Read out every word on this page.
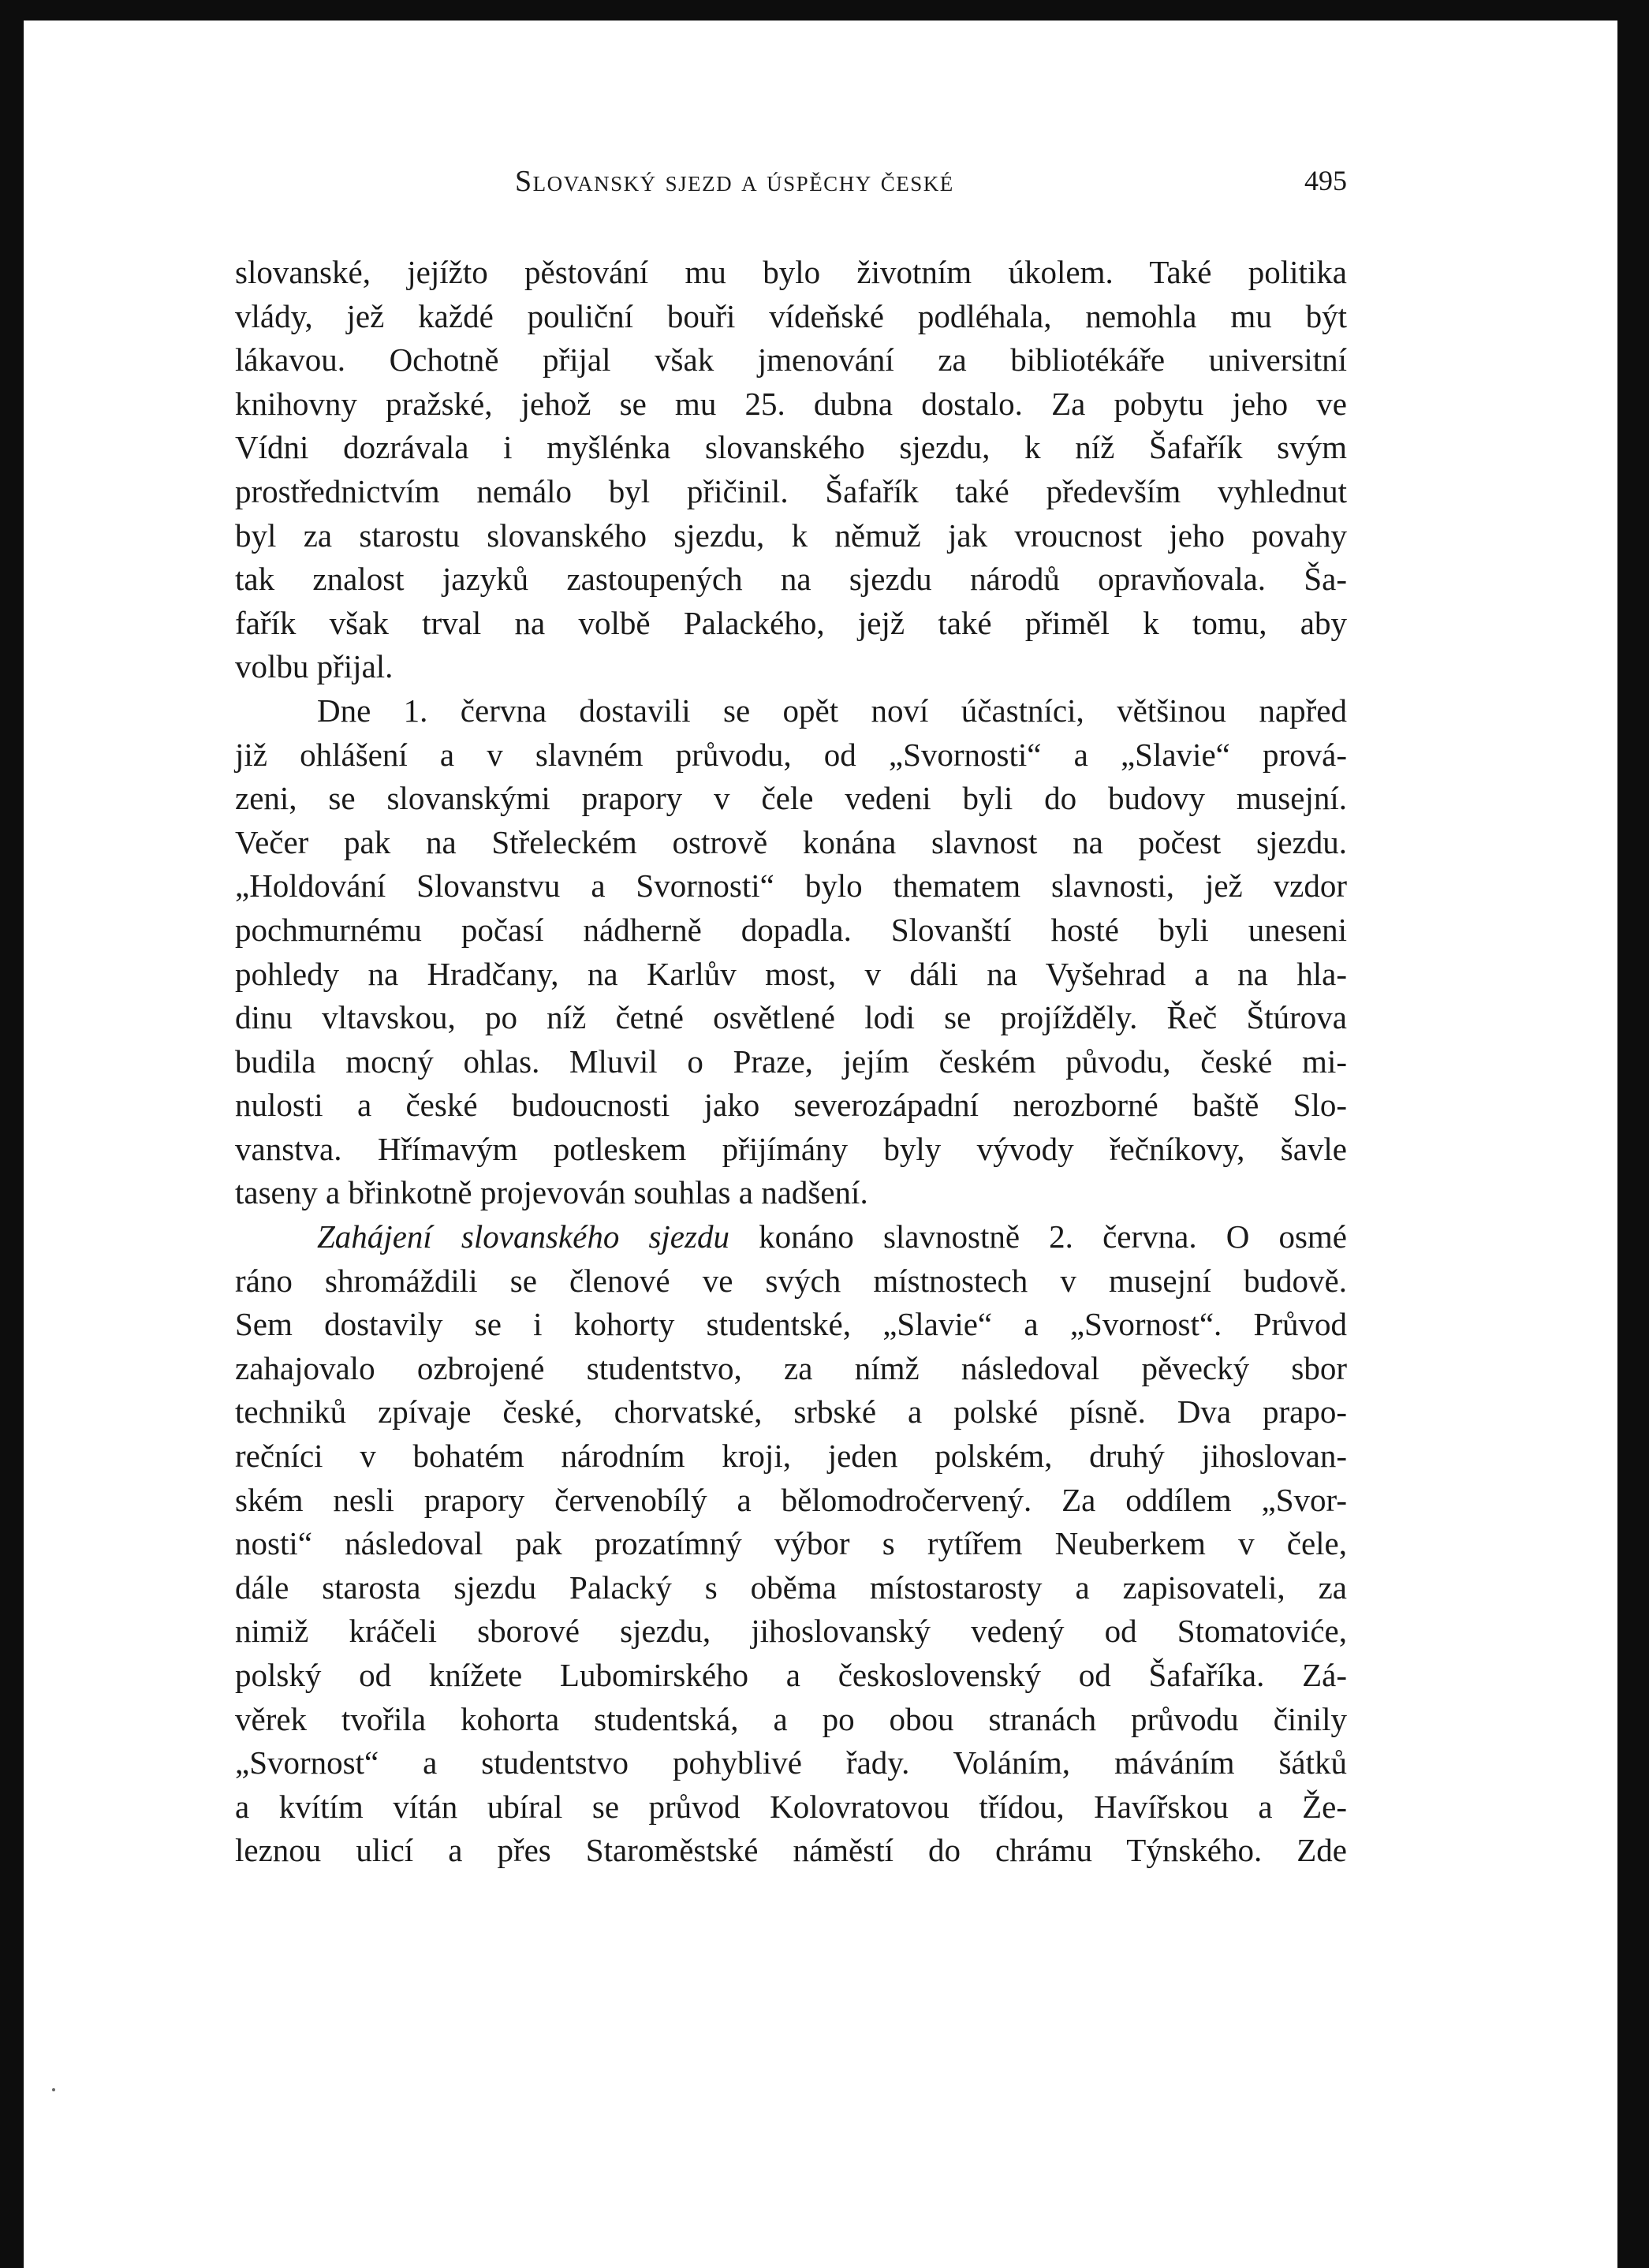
Slovanský sjezd a úspěchy české	495
slovanské, jejížto pěstování mu bylo životním úkolem. Také politika
vlády, jež každé pouliční bouři vídeňské podléhala, nemohla mu být
lákavou. Ochotně přijal však jmenování za bibliotékáře universitní
knihovny pražské, jehož se mu 25. dubna dostalo. Za pobytu jeho ve
Vídni dozrávala i myšlénka slovanského sjezdu, k níž Šafařík svým
prostřednictvím nemálo byl přičinil. Šafařík také především vyhlednut
byl za starostu slovanského sjezdu, k němuž jak vroucnost jeho povahy
tak znalost jazyků zastoupených na sjezdu národů opravňovala. Ša-
fařík však trval na volbě Palackého, jejž také přiměl k tomu, aby
volbu přijal.
Dne 1. června dostavili se opět noví účastníci, většinou napřed
již ohlášení a v slavném průvodu, od „Svornosti“ a „Slavie“ prová-
zeni, se slovanskými prapory v čele vedeni byli do budovy musejní.
Večer pak na Střeleckém ostrově konána slavnost na počest sjezdu.
„Holdování Slovanstvu a Svornosti“ bylo thematem slavnosti, jež vzdor
pochmurnému počasí nádherně dopadla. Slovanští hosté byli uneseni
pohledy na Hradčany, na Karlův most, v dáli na Vyšehrad a na hla-
dinu vltavskou, po níž četné osvětlené lodi se projížděly. Řeč Štúrova
budila mocný ohlas. Mluvil o Praze, jejím českém původu, české mi-
nulosti a české budoucnosti jako severozápadní nerozborné baště Slo-
vanstva. Hřímavým potleskem přijímány byly vývody řečníkovy, šavle
taseny a břinkotně projevován souhlas a nadšení.
Zahájení slovanského sjezdu konáno slavnostně 2. června. O osmé
ráno shromáždili se členové ve svých místnostech v musejní budově.
Sem dostavily se i kohorty studentské, „Slavie“ a „Svornost“. Průvod
zahajovalo ozbrojené studentstvo, za nímž následoval pěvecký sbor
techniků zpívaje české, chorvatské, srbské a polské písně. Dva prapo-
rečníci v bohatém národním kroji, jeden polském, druhý jihoslovan-
ském nesli prapory červenobílý a bělomodročervený. Za oddílem „Svor-
nosti“ následoval pak prozatímný výbor s rytířem Neuberkem v čele,
dále starosta sjezdu Palacký s oběma místostarosty a zapisovateli, za
nimiž kráčeli sborové sjezdu, jihoslovanský vedený od Stomatoviće,
polský od knížete Lubomirského a československý od Šafaříka. Zá-
věrek tvořila kohorta studentská, a po obou stranách průvodu činily
„Svornost“ a studentstvo pohyblivé řady. Voláním, máváním šátků
a kvítím vítán ubíral se průvod Kolovratovou třídou, Havířskou a Že-
leznou ulicí a přes Staroměstské náměstí do chrámu Týnského. Zde
